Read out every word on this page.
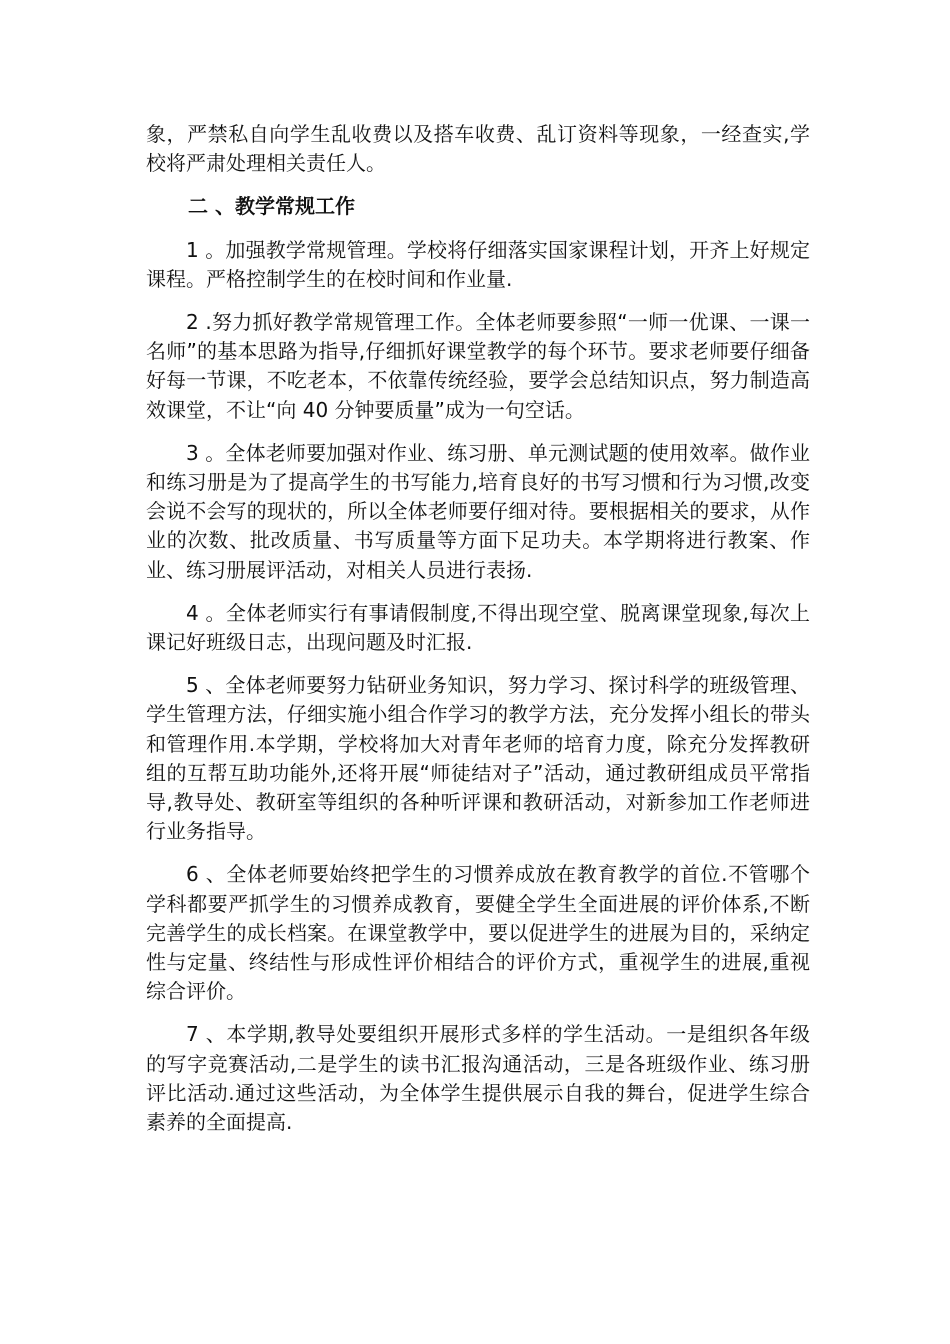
象，严禁私自向学生乱收费以及搭车收费、乱订资料等现象，一经查实,学校将严肃处理相关责任人。

二 、教学常规工作

1 。加强教学常规管理。学校将仔细落实国家课程计划，开齐上好规定课程。严格控制学生的在校时间和作业量.

2 .努力抓好教学常规管理工作。全体老师要参照“一师一优课、一课一名师”的基本思路为指导,仔细抓好课堂教学的每个环节。要求老师要仔细备好每一节课，不吃老本，不依靠传统经验，要学会总结知识点，努力制造高效课堂，不让“向 40 分钟要质量”成为一句空话。

3 。全体老师要加强对作业、练习册、单元测试题的使用效率。做作业和练习册是为了提高学生的书写能力,培育良好的书写习惯和行为习惯,改变会说不会写的现状的，所以全体老师要仔细对待。要根据相关的要求，从作业的次数、批改质量、书写质量等方面下足功夫。本学期将进行教案、作业、练习册展评活动，对相关人员进行表扬.

4 。全体老师实行有事请假制度,不得出现空堂、脱离课堂现象,每次上课记好班级日志，出现问题及时汇报.

5 、全体老师要努力钻研业务知识，努力学习、探讨科学的班级管理、学生管理方法，仔细实施小组合作学习的教学方法，充分发挥小组长的带头和管理作用.本学期，学校将加大对青年老师的培育力度，除充分发挥教研组的互帮互助功能外,还将开展“师徒结对子”活动，通过教研组成员平常指导,教导处、教研室等组织的各种听评课和教研活动，对新参加工作老师进行业务指导。

6 、全体老师要始终把学生的习惯养成放在教育教学的首位.不管哪个学科都要严抓学生的习惯养成教育，要健全学生全面进展的评价体系,不断完善学生的成长档案。在课堂教学中，要以促进学生的进展为目的，采纳定性与定量、终结性与形成性评价相结合的评价方式，重视学生的进展,重视综合评价。

7 、本学期,教导处要组织开展形式多样的学生活动。一是组织各年级的写字竞赛活动,二是学生的读书汇报沟通活动，三是各班级作业、练习册评比活动.通过这些活动，为全体学生提供展示自我的舞台，促进学生综合素养的全面提高.
